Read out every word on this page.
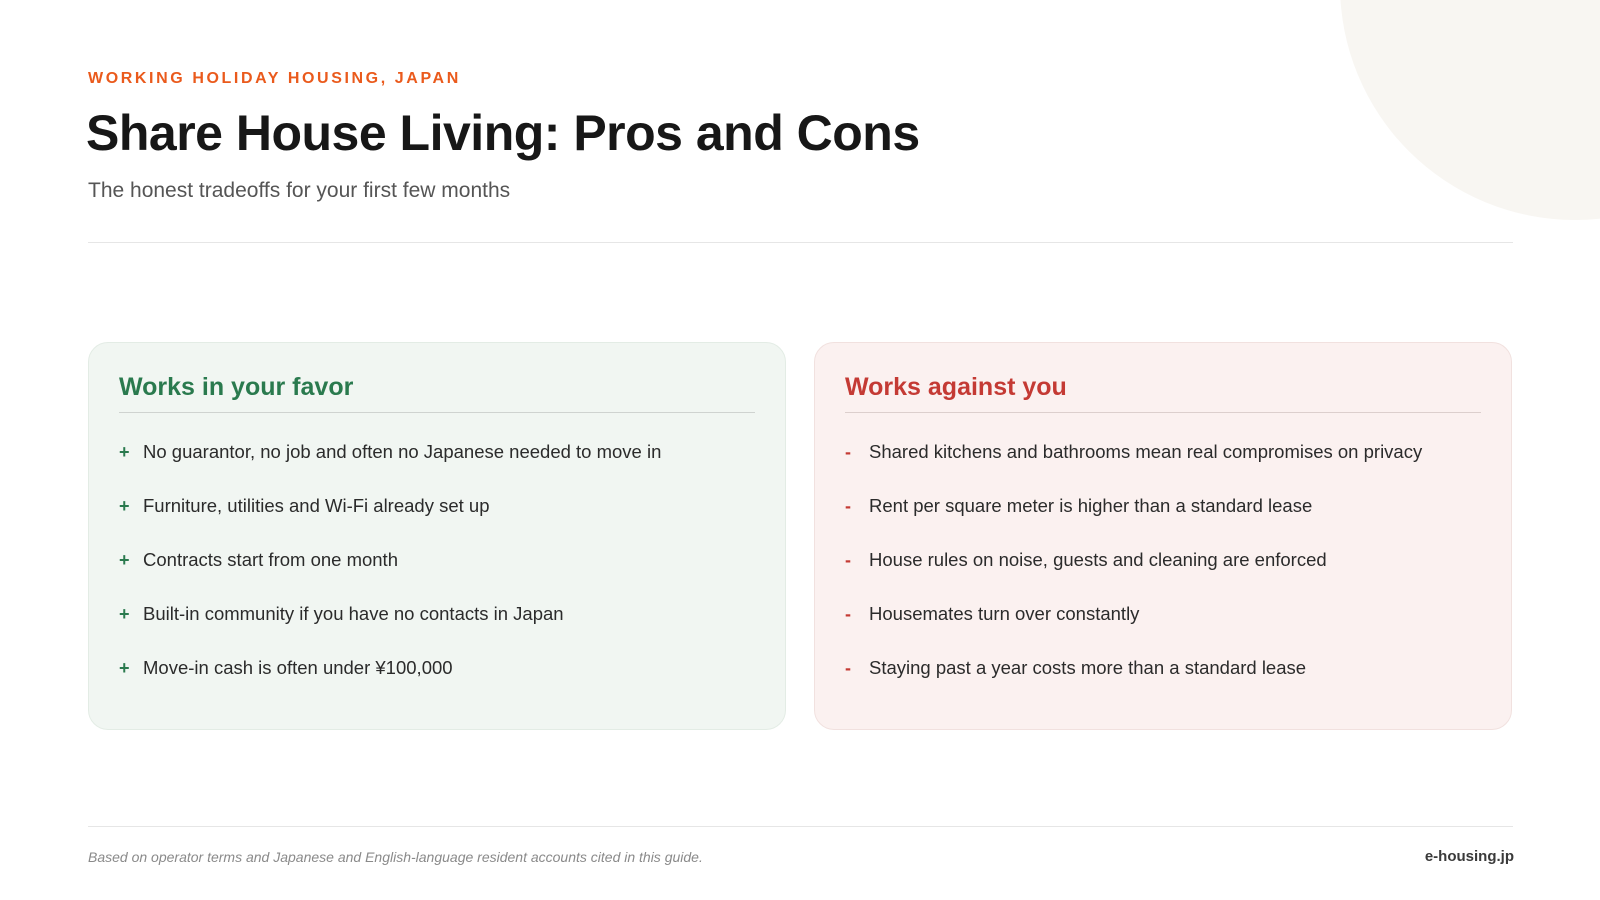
WORKING HOLIDAY HOUSING, JAPAN
Share House Living: Pros and Cons
The honest tradeoffs for your first few months
Works in your favor
+ No guarantor, no job and often no Japanese needed to move in
+ Furniture, utilities and Wi-Fi already set up
+ Contracts start from one month
+ Built-in community if you have no contacts in Japan
+ Move-in cash is often under ¥100,000
Works against you
- Shared kitchens and bathrooms mean real compromises on privacy
- Rent per square meter is higher than a standard lease
- House rules on noise, guests and cleaning are enforced
- Housemates turn over constantly
- Staying past a year costs more than a standard lease
Based on operator terms and Japanese and English-language resident accounts cited in this guide.	e-housing.jp
